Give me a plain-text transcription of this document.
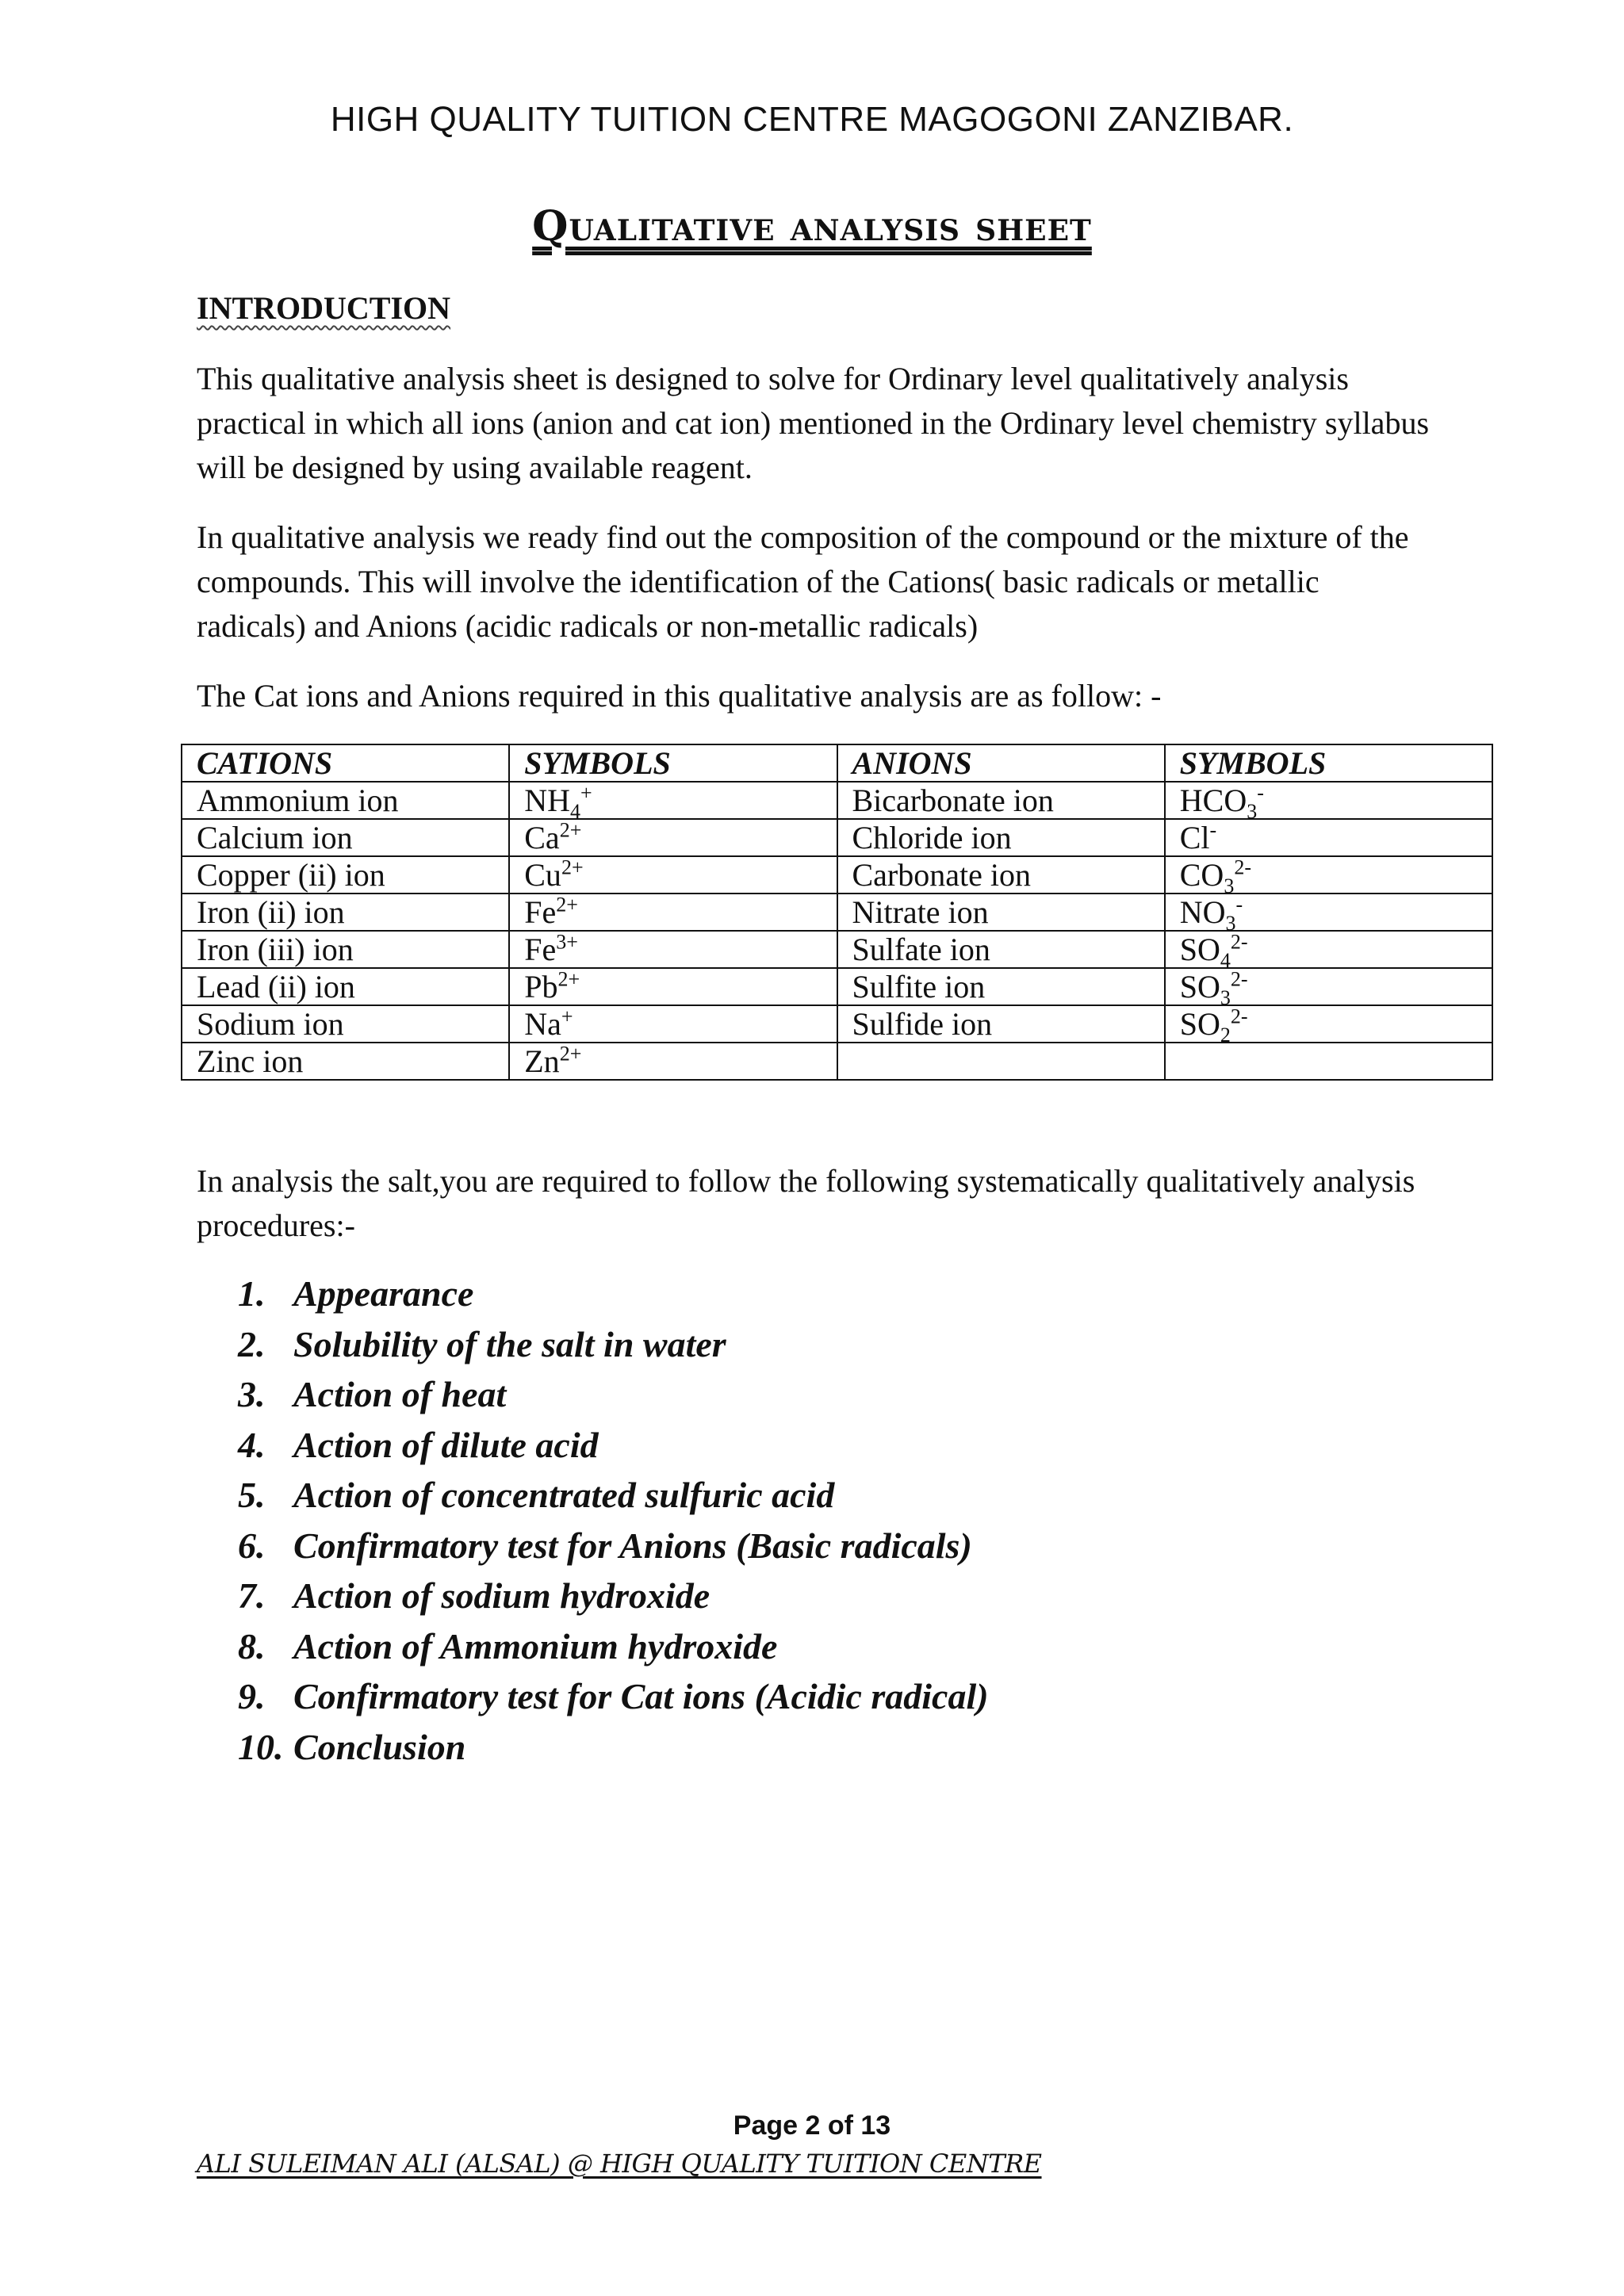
HIGH QUALITY TUITION CENTRE MAGOGONI ZANZIBAR.
Qualitative analysis sheet
INTRODUCTION
This qualitative analysis sheet is designed to solve for Ordinary level qualitatively analysis practical in which all ions (anion and cat ion) mentioned in the Ordinary level chemistry syllabus will be designed by using available reagent.
In qualitative analysis we ready find out the composition of the compound or the mixture of the compounds. This will involve the identification of the Cations( basic radicals or metallic radicals) and Anions (acidic radicals or non-metallic radicals)
The Cat ions and Anions required in this qualitative analysis are as follow: -
CATIONS	SYMBOLS	ANIONS	SYMBOLS
Ammonium ion	$NH_4^+$	Bicarbonate ion	$HCO_3^-$
Calcium ion	$Ca^{2+}$	Chloride ion	Cl-
Copper (ii) ion	$Cu^{2+}$	Carbonate ion	$CO_3^{2-}$
Iron (ii) ion	$Fe^{2+}$	Nitrate ion	$NO_3^-$
Iron (iii) ion	$Fe^{3+}$	Sulfate ion	$SO_4^{2-}$
Lead (ii) ion	$Pb^{2+}$	Sulfite ion	$SO_3^{2-}$
Sodium ion	Na+	Sulfide ion	$SO_2^{2-}$
Zinc ion	$Zn^{2+}$		
In analysis the salt,you are required to follow the following systematically qualitatively analysis procedures:-
1. Appearance
2. Solubility of the salt in water
3. Action of heat
4. Action of dilute acid
5. Action of concentrated sulfuric acid
6. Confirmatory test for Anions (Basic radicals)
7. Action of sodium hydroxide
8. Action of Ammonium hydroxide
9. Confirmatory test for Cat ions (Acidic radical)
10. Conclusion
Page 2 of 13
ALI SULEIMAN ALI (ALSAL) @ HIGH QUALITY TUITION CENTRE
